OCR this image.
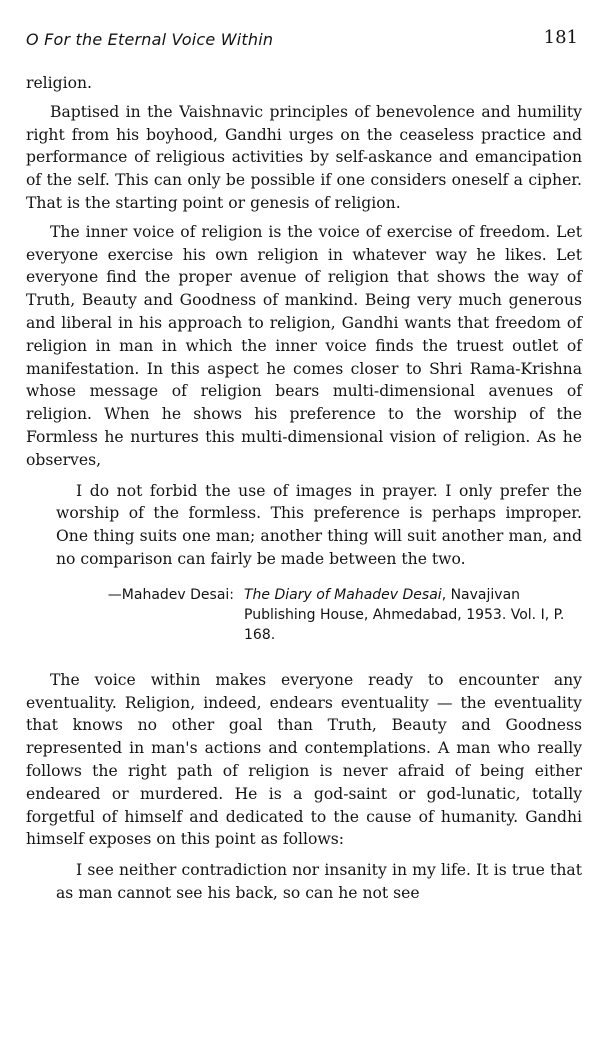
O For the Eternal Voice Within	181

religion.

Baptised in the Vaishnavic principles of benevolence and humility right from his boyhood, Gandhi urges on the ceaseless practice and performance of religious activities by self-askance and emancipation of the self. This can only be possible if one considers oneself a cipher. That is the starting point or genesis of religion.

The inner voice of religion is the voice of exercise of freedom. Let everyone exercise his own religion in whatever way he likes. Let everyone find the proper avenue of religion that shows the way of Truth, Beauty and Goodness of mankind. Being very much generous and liberal in his approach to religion, Gandhi wants that freedom of religion in man in which the inner voice finds the truest outlet of manifestation. In this aspect he comes closer to Shri Rama-Krishna whose message of religion bears multi-dimensional avenues of religion. When he shows his preference to the worship of the Formless he nurtures this multi-dimensional vision of religion. As he observes,

I do not forbid the use of images in prayer. I only prefer the worship of the formless. This preference is perhaps improper. One thing suits one man; another thing will suit another man, and no comparison can fairly be made between the two.

—Mahadev Desai: The Diary of Mahadev Desai, Navajivan Publishing House, Ahmedabad, 1953. Vol. I, P. 168.

The voice within makes everyone ready to encounter any eventuality. Religion, indeed, endears eventuality — the eventuality that knows no other goal than Truth, Beauty and Goodness represented in man's actions and contemplations. A man who really follows the right path of religion is never afraid of being either endeared or murdered. He is a god-saint or god-lunatic, totally forgetful of himself and dedicated to the cause of humanity. Gandhi himself exposes on this point as follows:

I see neither contradiction nor insanity in my life. It is true that as man cannot see his back, so can he not see
